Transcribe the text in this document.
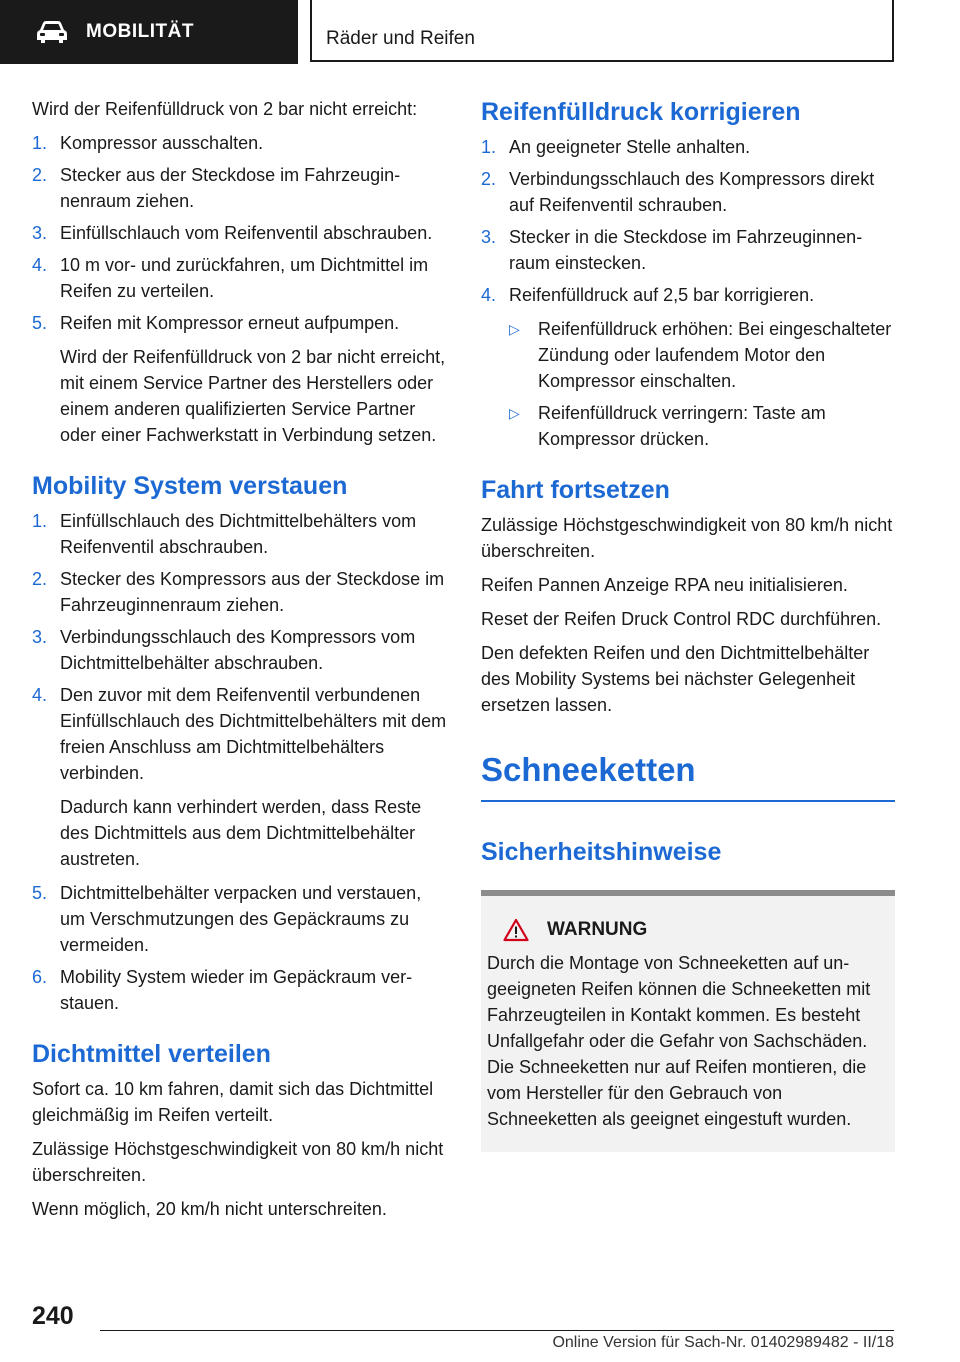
MOBILITÄT	Räder und Reifen

Wird der Reifenfülldruck von 2 bar nicht erreicht:

1. Kompressor ausschalten.
2. Stecker aus der Steckdose im Fahrzeuginnenraum ziehen.
3. Einfüllschlauch vom Reifenventil abschrauben.
4. 10 m vor- und zurückfahren, um Dichtmittel im Reifen zu verteilen.
5. Reifen mit Kompressor erneut aufpumpen.
Wird der Reifenfülldruck von 2 bar nicht erreicht, mit einem Service Partner des Herstellers oder einem anderen qualifizierten Service Partner oder einer Fachwerkstatt in Verbindung setzen.
Mobility System verstauen
1. Einfüllschlauch des Dichtmittelbehälters vom Reifenventil abschrauben.
2. Stecker des Kompressors aus der Steckdose im Fahrzeuginnenraum ziehen.
3. Verbindungsschlauch des Kompressors vom Dichtmittelbehälter abschrauben.
4. Den zuvor mit dem Reifenventil verbundenen Einfüllschlauch des Dichtmittelbehälters mit dem freien Anschluss am Dichtmittelbehälters verbinden.
Dadurch kann verhindert werden, dass Reste des Dichtmittels aus dem Dichtmittelbehälter austreten.
5. Dichtmittelbehälter verpacken und verstauen, um Verschmutzungen des Gepäckraums zu vermeiden.
6. Mobility System wieder im Gepäckraum verstauen.
Dichtmittel verteilen

Sofort ca. 10 km fahren, damit sich das Dichtmittel gleichmäßig im Reifen verteilt.

Zulässige Höchstgeschwindigkeit von 80 km/h nicht überschreiten.

Wenn möglich, 20 km/h nicht unterschreiten.

Reifenfülldruck korrigieren
1. An geeigneter Stelle anhalten.
2. Verbindungsschlauch des Kompressors direkt auf Reifenventil schrauben.
3. Stecker in die Steckdose im Fahrzeuginnenraum einstecken.
4. Reifenfülldruck auf 2,5 bar korrigieren.
▷	Reifenfülldruck erhöhen: Bei eingeschalteter Zündung oder laufendem Motor den Kompressor einschalten.
▷	Reifenfülldruck verringern: Taste am Kompressor drücken.
Fahrt fortsetzen

Zulässige Höchstgeschwindigkeit von 80 km/h nicht überschreiten.

Reifen Pannen Anzeige RPA neu initialisieren.

Reset der Reifen Druck Control RDC durchführen.

Den defekten Reifen und den Dichtmittelbehälter des Mobility Systems bei nächster Gelegenheit ersetzen lassen.

Schneeketten
Sicherheitshinweise
WARNUNG

Durch die Montage von Schneeketten auf ungeeigneten Reifen können die Schneeketten mit Fahrzeugteilen in Kontakt kommen. Es besteht Unfallgefahr oder die Gefahr von Sachschäden. Die Schneeketten nur auf Reifen montieren, die vom Hersteller für den Gebrauch von Schneeketten als geeignet eingestuft wurden.

240
Online Version für Sach-Nr. 01402989482 - II/18
